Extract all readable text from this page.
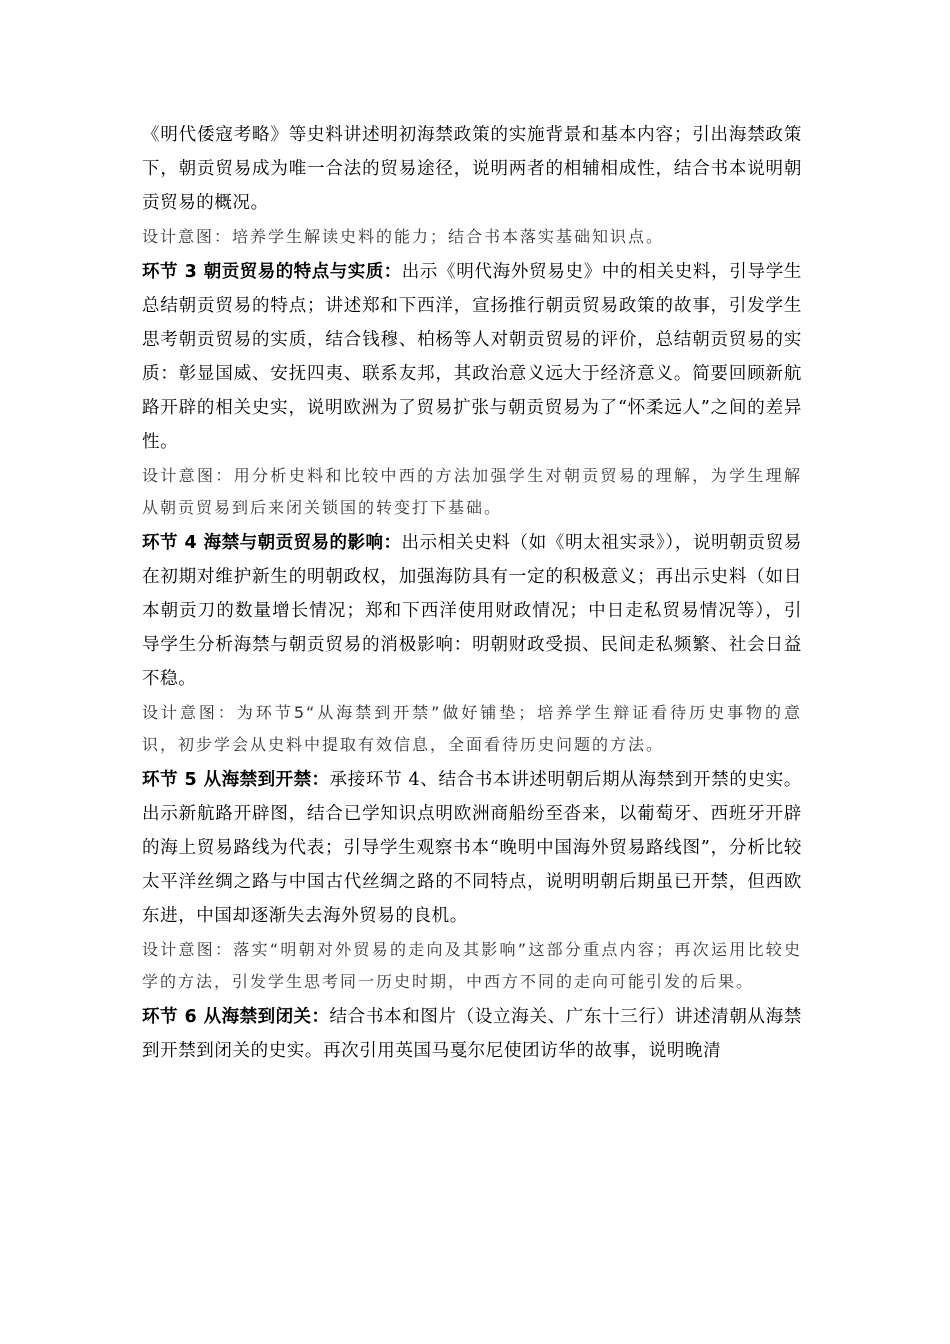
《明代倭寇考略》等史料讲述明初海禁政策的实施背景和基本内容；引出海禁政策下，朝贡贸易成为唯一合法的贸易途径，说明两者的相辅相成性，结合书本说明朝贡贸易的概况。

设计意图：培养学生解读史料的能力；结合书本落实基础知识点。

环节 3 朝贡贸易的特点与实质：出示《明代海外贸易史》中的相关史料，引导学生总结朝贡贸易的特点；讲述郑和下西洋，宣扬推行朝贡贸易政策的故事，引发学生思考朝贡贸易的实质，结合钱穆、柏杨等人对朝贡贸易的评价，总结朝贡贸易的实质：彰显国威、安抚四夷、联系友邦，其政治意义远大于经济意义。简要回顾新航路开辟的相关史实，说明欧洲为了贸易扩张与朝贡贸易为了“怀柔远人”之间的差异性。

设计意图：用分析史料和比较中西的方法加强学生对朝贡贸易的理解，为学生理解从朝贡贸易到后来闭关锁国的转变打下基础。

环节 4 海禁与朝贡贸易的影响：出示相关史料（如《明太祖实录》），说明朝贡贸易在初期对维护新生的明朝政权，加强海防具有一定的积极意义；再出示史料（如日本朝贡刀的数量增长情况；郑和下西洋使用财政情况；中日走私贸易情况等），引导学生分析海禁与朝贡贸易的消极影响：明朝财政受损、民间走私频繁、社会日益不稳。

设计意图：为环节5“从海禁到开禁”做好铺垫；培养学生辩证看待历史事物的意识，初步学会从史料中提取有效信息，全面看待历史问题的方法。

环节 5 从海禁到开禁：承接环节 4、结合书本讲述明朝后期从海禁到开禁的史实。出示新航路开辟图，结合已学知识点明欧洲商船纷至沓来，以葡萄牙、西班牙开辟的海上贸易路线为代表；引导学生观察书本“晚明中国海外贸易路线图”，分析比较太平洋丝绸之路与中国古代丝绸之路的不同特点，说明明朝后期虽已开禁，但西欧东进，中国却逐渐失去海外贸易的良机。

设计意图：落实“明朝对外贸易的走向及其影响”这部分重点内容；再次运用比较史学的方法，引发学生思考同一历史时期，中西方不同的走向可能引发的后果。

环节 6 从海禁到闭关：结合书本和图片（设立海关、广东十三行）讲述清朝从海禁到开禁到闭关的史实。再次引用英国马戛尔尼使团访华的故事，说明晚清
